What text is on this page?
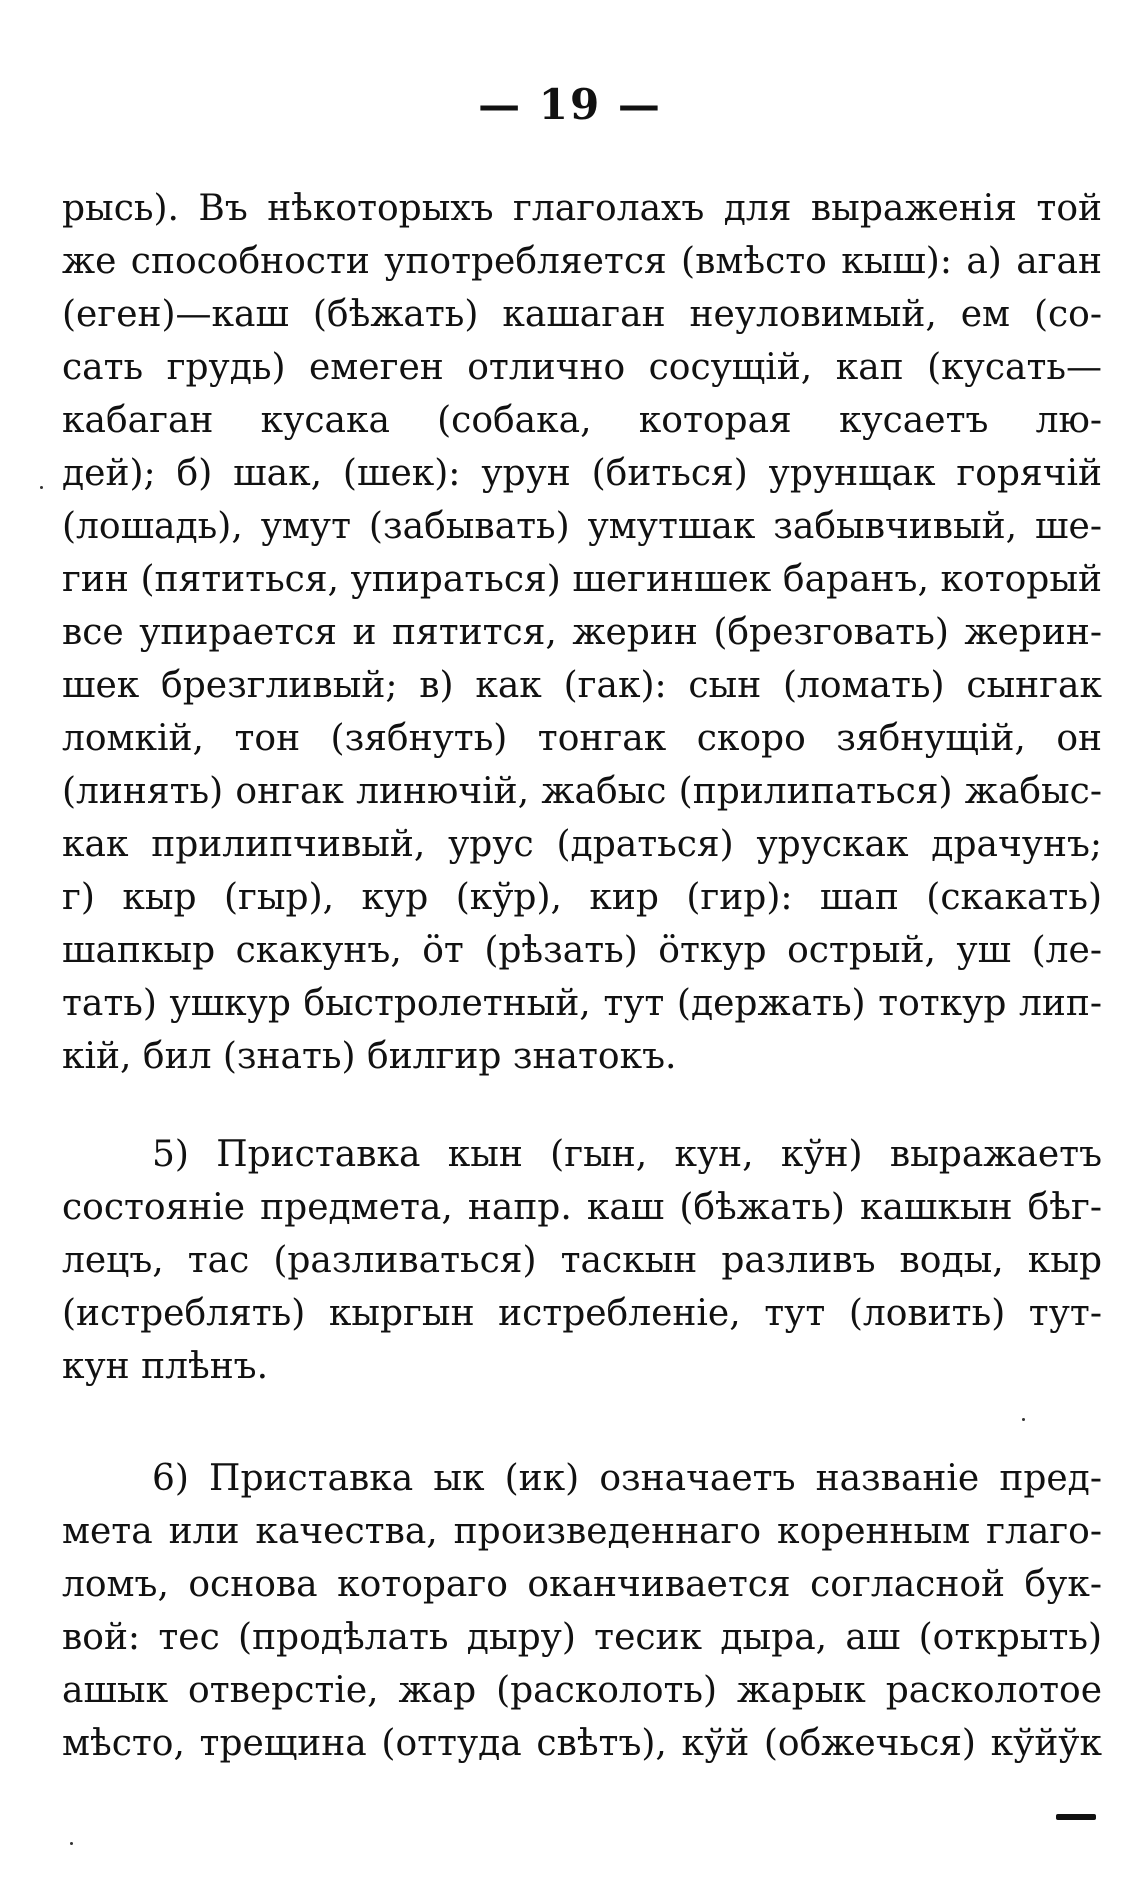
— 19 —
рысь). Въ нѣкоторыхъ глаголахъ для выраженія той
же способности употребляется (вмѣсто кыш): а) аган
(еген)—каш (бѣжать) кашаган неуловимый, ем (со-
сать грудь) емеген отлично сосущій, кап (кусать—
кабаган кусака (собака, которая кусаетъ лю-
дей); б) шак, (шек): урун (биться) урунщак горячій
(лошадь), умут (забывать) умутшак забывчивый, ше-
гин (пятиться, упираться) шегиншек баранъ, который
все упирается и пятится, жерин (брезговать) жерин-
шек брезгливый; в) как (гак): сын (ломать) сынгак
ломкій, тон (зябнуть) тонгак скоро зябнущій, он
(линять) онгак линючій, жабыс (прилипаться) жабыс-
как прилипчивый, урус (драться) урускак драчунъ;
г) кыр (гыр), кур (кўр), кир (гир): шап (скакать)
шапкыр скакунъ, öт (рѣзать) öткур острый, уш (ле-
тать) ушкур быстролетный, тут (держать) тоткур лип-
кій, бил (знать) билгир знатокъ.
5) Приставка кын (гын, кун, кўн) выражаетъ
состояніе предмета, напр. каш (бѣжать) кашкын бѣг-
лецъ, тас (разливаться) таскын разливъ воды, кыр
(истреблять) кыргын истребленіе, тут (ловить) тут-
кун плѣнъ.
6) Приставка ык (ик) означаетъ названіе пред-
мета или качества, произведеннаго коренным глаго-
ломъ, основа котораго оканчивается согласной бук-
вой: тес (продѣлать дыру) тесик дыра, аш (открыть)
ашык отверстіе, жар (расколоть) жарык расколотое
мѣсто, трещина (оттуда свѣтъ), кўй (обжечься) кўйўк
